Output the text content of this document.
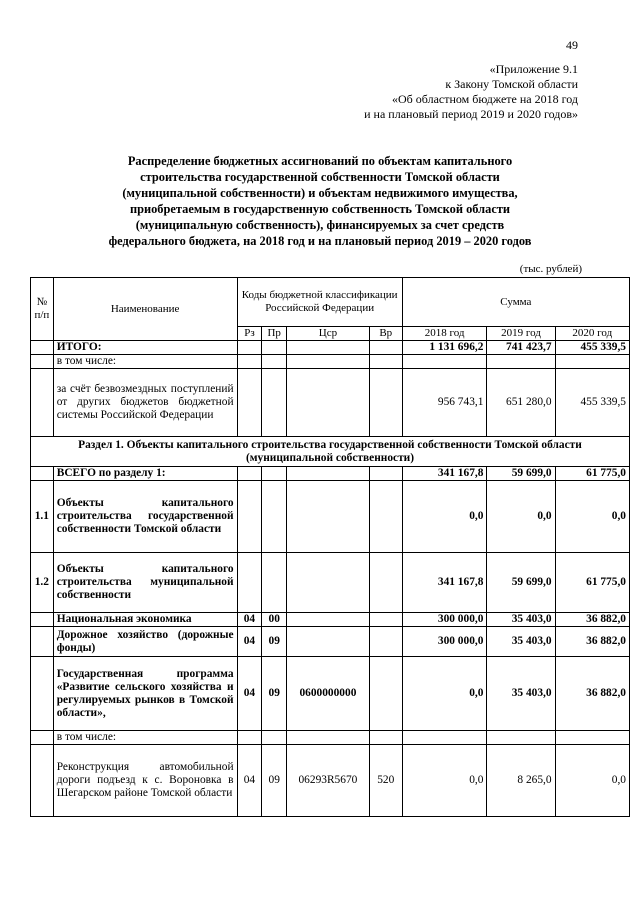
49
«Приложение 9.1
к Закону Томской области
«Об областном бюджете на 2018 год
и на плановый период 2019 и 2020 годов»
Распределение бюджетных ассигнований по объектам капитального
строительства государственной собственности Томской области
(муниципальной собственности) и объектам недвижимого имущества,
приобретаемым в государственную собственность Томской области
(муниципальную собственность), финансируемых за счет средств
федерального бюджета, на 2018 год и на плановый период 2019 – 2020 годов
(тыс. рублей)
№ п/п	Наименование	Коды бюджетной классификации Российской Федерации				Сумма		
		Рз	Пр	Цср	Вр	2018 год	2019 год	2020 год
	ИТОГО:					1 131 696,2	741 423,7	455 339,5
	в том числе:							
	за счёт безвозмездных поступлений от других бюджетов бюджетной системы Российской Федерации					956 743,1	651 280,0	455 339,5
Раздел 1. Объекты капитального строительства государственной собственности Томской области (муниципальной собственности)								
	ВСЕГО по разделу 1:					341 167,8	59 699,0	61 775,0
1.1	Объекты капитального строительства государственной собственности Томской области					0,0	0,0	0,0
1.2	Объекты капитального строительства муниципальной собственности					341 167,8	59 699,0	61 775,0
	Национальная экономика	04	00			300 000,0	35 403,0	36 882,0
	Дорожное хозяйство (дорожные фонды)	04	09			300 000,0	35 403,0	36 882,0
	Государственная программа «Развитие сельского хозяйства и регулируемых рынков в Томской области»,	04	09	0600000000		0,0	35 403,0	36 882,0
	в том числе:							
	Реконструкция автомобильной дороги подъезд к с. Вороновка в Шегарском районе Томской области	04	09	06293R5670	520	0,0	8 265,0	0,0
